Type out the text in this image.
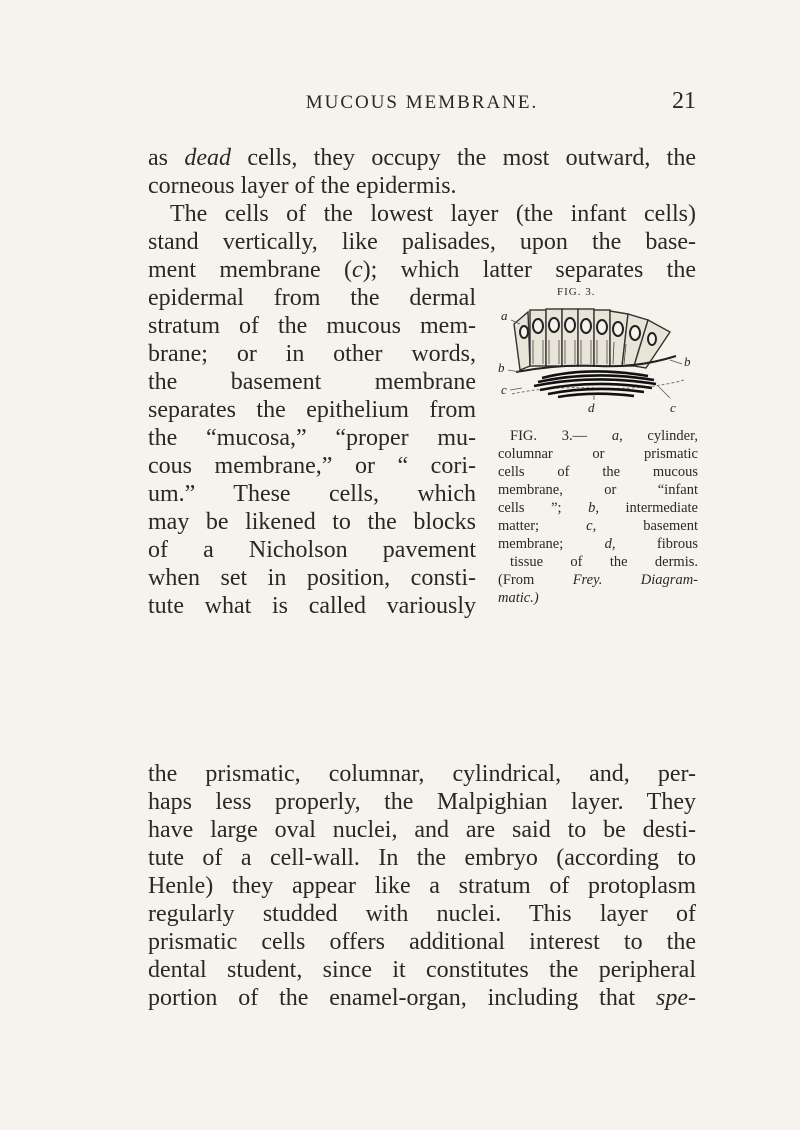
MUCOUS MEMBRANE.	21
as dead cells, they occupy the most outward, the
corneous layer of the epidermis.
The cells of the lowest layer (the infant cells)
stand vertically, like palisades, upon the base-
ment membrane (c); which latter separates the
epidermal from the dermal
stratum of the mucous mem-
brane; or in other words,
the basement membrane
separates the epithelium from
the “mucosa,” “proper mu-
cous membrane,” or “ cori-
um.” These cells, which
may be likened to the blocks
of a Nicholson pavement
when set in position, consti-
tute what is called variously
FIG. 3.
a
b
c
b
d	c
FIG. 3.— a, cylinder,
columnar or prismatic
cells of the mucous
membrane, or “infant
cells ”; b, intermediate
matter; c, basement
membrane; d, fibrous
tissue of the dermis.
(From Frey. Diagram-
matic.)
the prismatic, columnar, cylindrical, and, per-
haps less properly, the Malpighian layer. They
have large oval nuclei, and are said to be desti-
tute of a cell-wall. In the embryo (according to
Henle) they appear like a stratum of protoplasm
regularly studded with nuclei. This layer of
prismatic cells offers additional interest to the
dental student, since it constitutes the peripheral
portion of the enamel-organ, including that spe-
